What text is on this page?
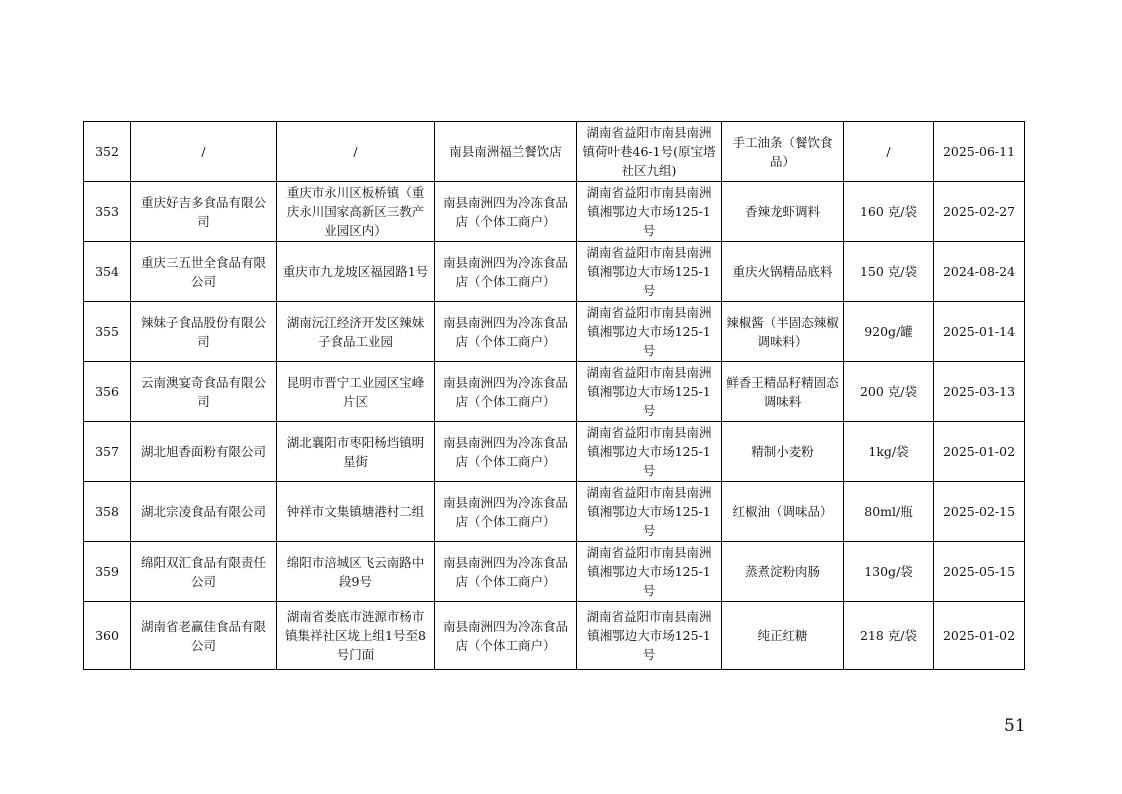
352	/	/	南县南洲福兰餐饮店	湖南省益阳市南县南洲镇荷叶巷46-1号(原宝塔社区九组)	手工油条（餐饮食品）	/	2025-06-11
353	重庆好吉多食品有限公司	重庆市永川区板桥镇（重庆永川国家高新区三教产业园区内）	南县南洲四为冷冻食品店（个体工商户）	湖南省益阳市南县南洲镇湘鄂边大市场125-1号	香辣龙虾调料	160 克/袋	2025-02-27
354	重庆三五世全食品有限公司	重庆市九龙坡区福园路1号	南县南洲四为冷冻食品店（个体工商户）	湖南省益阳市南县南洲镇湘鄂边大市场125-1号	重庆火锅精品底料	150 克/袋	2024-08-24
355	辣妹子食品股份有限公司	湖南沅江经济开发区辣妹子食品工业园	南县南洲四为冷冻食品店（个体工商户）	湖南省益阳市南县南洲镇湘鄂边大市场125-1号	辣椒酱（半固态辣椒调味料）	920g/罐	2025-01-14
356	云南澳宴奇食品有限公司	昆明市晋宁工业园区宝峰片区	南县南洲四为冷冻食品店（个体工商户）	湖南省益阳市南县南洲镇湘鄂边大市场125-1号	鲜香王精品籽精固态调味料	200 克/袋	2025-03-13
357	湖北旭香面粉有限公司	湖北襄阳市枣阳杨垱镇明星街	南县南洲四为冷冻食品店（个体工商户）	湖南省益阳市南县南洲镇湘鄂边大市场125-1号	精制小麦粉	1kg/袋	2025-01-02
358	湖北宗凌食品有限公司	钟祥市文集镇塘港村二组	南县南洲四为冷冻食品店（个体工商户）	湖南省益阳市南县南洲镇湘鄂边大市场125-1号	红椒油（调味品）	80ml/瓶	2025-02-15
359	绵阳双汇食品有限责任公司	绵阳市涪城区飞云南路中段9号	南县南洲四为冷冻食品店（个体工商户）	湖南省益阳市南县南洲镇湘鄂边大市场125-1号	蒸煮淀粉肉肠	130g/袋	2025-05-15
360	湖南省老赢佳食品有限公司	湖南省娄底市涟源市杨市镇集祥社区垅上组1号至8号门面	南县南洲四为冷冻食品店（个体工商户）	湖南省益阳市南县南洲镇湘鄂边大市场125-1号	纯正红糖	218 克/袋	2025-01-02
51
